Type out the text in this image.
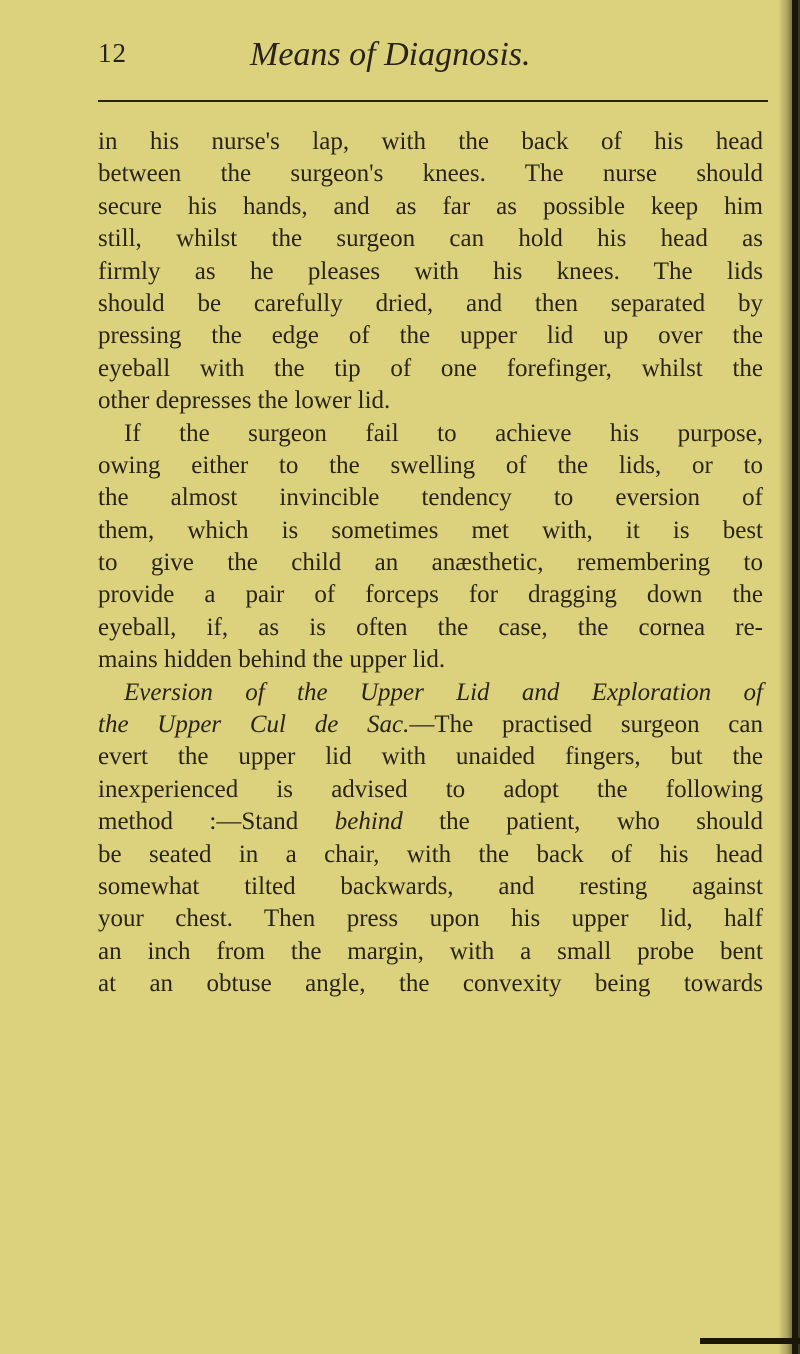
12	Means of Diagnosis.
in his nurse's lap, with the back of his head
between the surgeon's knees. The nurse should
secure his hands, and as far as possible keep him
still, whilst the surgeon can hold his head as
firmly as he pleases with his knees. The lids
should be carefully dried, and then separated by
pressing the edge of the upper lid up over the
eyeball with the tip of one forefinger, whilst the
other depresses the lower lid.
If the surgeon fail to achieve his purpose,
owing either to the swelling of the lids, or to
the almost invincible tendency to eversion of
them, which is sometimes met with, it is best
to give the child an anæsthetic, remembering to
provide a pair of forceps for dragging down the
eyeball, if, as is often the case, the cornea re-
mains hidden behind the upper lid.
Eversion of the Upper Lid and Exploration of
the Upper Cul de Sac.—The practised surgeon can
evert the upper lid with unaided fingers, but the
inexperienced is advised to adopt the following
method :—Stand behind the patient, who should
be seated in a chair, with the back of his head
somewhat tilted backwards, and resting against
your chest. Then press upon his upper lid, half
an inch from the margin, with a small probe bent
at an obtuse angle, the convexity being towards
